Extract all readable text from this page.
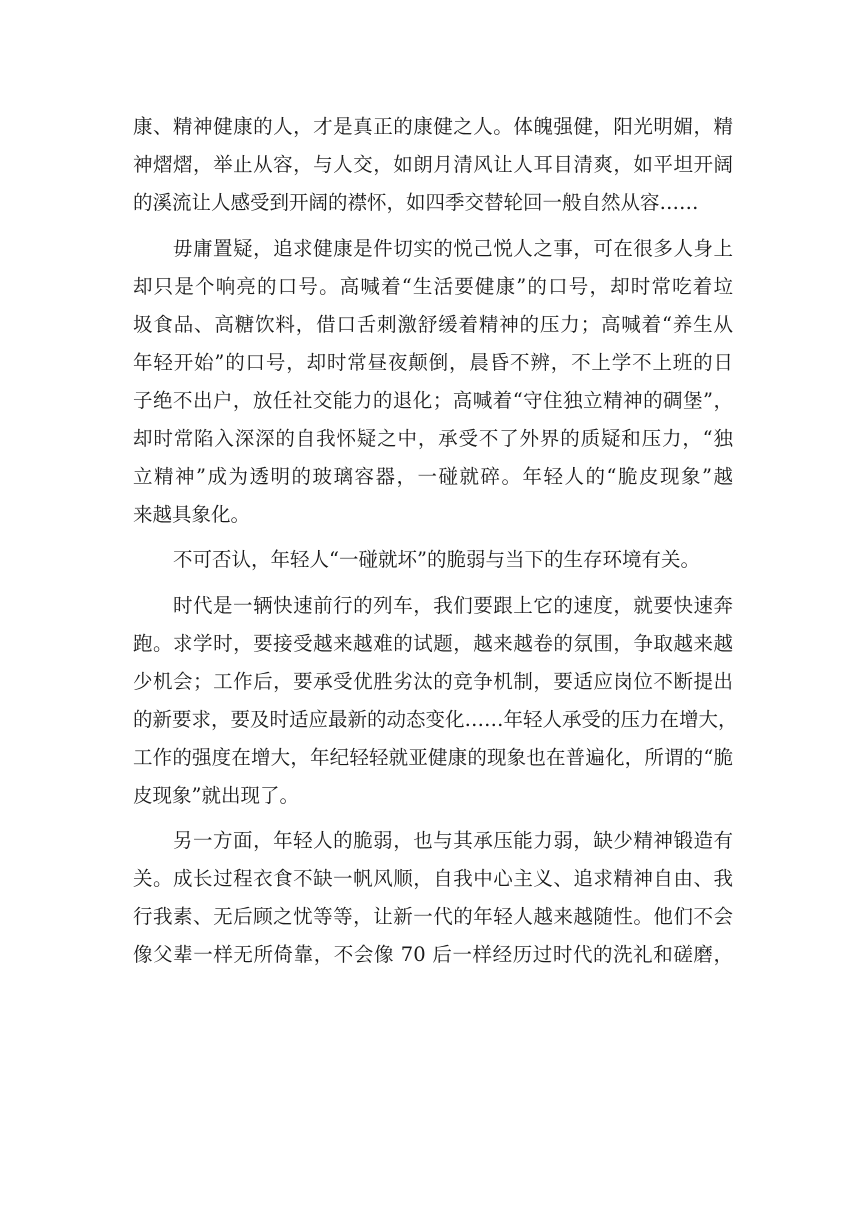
康、精神健康的人，才是真正的康健之人。体魄强健，阳光明媚，精
神熠熠，举止从容，与人交，如朗月清风让人耳目清爽，如平坦开阔
的溪流让人感受到开阔的襟怀，如四季交替轮回一般自然从容……

毋庸置疑，追求健康是件切实的悦己悦人之事，可在很多人身上
却只是个响亮的口号。高喊着“生活要健康”的口号，却时常吃着垃
圾食品、高糖饮料，借口舌刺激舒缓着精神的压力；高喊着“养生从
年轻开始”的口号，却时常昼夜颠倒，晨昏不辨，不上学不上班的日
子绝不出户，放任社交能力的退化；高喊着“守住独立精神的碉堡”，
却时常陷入深深的自我怀疑之中，承受不了外界的质疑和压力，“独
立精神”成为透明的玻璃容器，一碰就碎。年轻人的“脆皮现象”越
来越具象化。

不可否认，年轻人“一碰就坏”的脆弱与当下的生存环境有关。

时代是一辆快速前行的列车，我们要跟上它的速度，就要快速奔
跑。求学时，要接受越来越难的试题，越来越卷的氛围，争取越来越
少机会；工作后，要承受优胜劣汰的竞争机制，要适应岗位不断提出
的新要求，要及时适应最新的动态变化……年轻人承受的压力在增大，
工作的强度在增大，年纪轻轻就亚健康的现象也在普遍化，所谓的“脆
皮现象”就出现了。

另一方面，年轻人的脆弱，也与其承压能力弱，缺少精神锻造有
关。成长过程衣食不缺一帆风顺，自我中心主义、追求精神自由、我
行我素、无后顾之忧等等，让新一代的年轻人越来越随性。他们不会
像父辈一样无所倚靠，不会像 70 后一样经历过时代的洗礼和磋磨，
